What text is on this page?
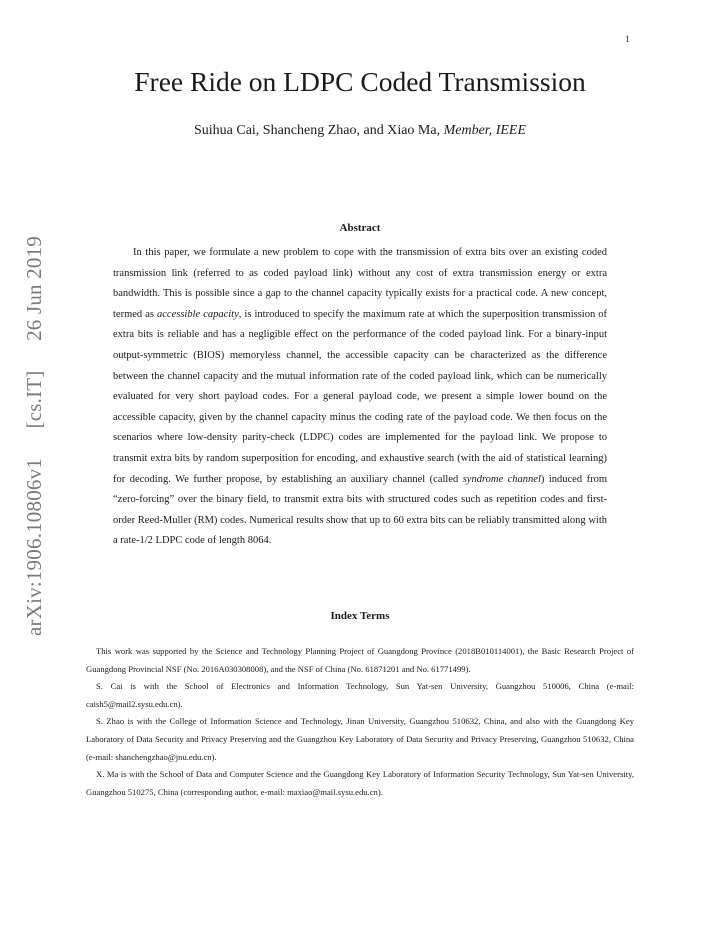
1
arXiv:1906.10806v1
[cs.IT]
26 Jun 2019
Free Ride on LDPC Coded Transmission
Suihua Cai, Shancheng Zhao, and Xiao Ma, Member, IEEE
Abstract

In this paper, we formulate a new problem to cope with the transmission of extra bits over an existing coded transmission link (referred to as coded payload link) without any cost of extra transmission energy or extra bandwidth. This is possible since a gap to the channel capacity typically exists for a practical code. A new concept, termed as accessible capacity, is introduced to specify the maximum rate at which the superposition transmission of extra bits is reliable and has a negligible effect on the performance of the coded payload link. For a binary-input output-symmetric (BIOS) memoryless channel, the accessible capacity can be characterized as the difference between the channel capacity and the mutual information rate of the coded payload link, which can be numerically evaluated for very short payload codes. For a general payload code, we present a simple lower bound on the accessible capacity, given by the channel capacity minus the coding rate of the payload code. We then focus on the scenarios where low-density parity-check (LDPC) codes are implemented for the payload link. We propose to transmit extra bits by random superposition for encoding, and exhaustive search (with the aid of statistical learning) for decoding. We further propose, by establishing an auxiliary channel (called syndrome channel) induced from “zero-forcing” over the binary field, to transmit extra bits with structured codes such as repetition codes and first-order Reed-Muller (RM) codes. Numerical results show that up to 60 extra bits can be reliably transmitted along with a rate-1/2 LDPC code of length 8064.

Index Terms

This work was supported by the Science and Technology Planning Project of Guangdong Province (2018B010114001), the Basic Research Project of Guangdong Provincial NSF (No. 2016A030308008), and the NSF of China (No. 61871201 and No. 61771499).

S. Cai is with the School of Electronics and Information Technology, Sun Yat-sen University, Guangzhou 510006, China (e-mail: caish5@mail2.sysu.edu.cn).

S. Zhao is with the College of Information Science and Technology, Jinan University, Guangzhou 510632, China, and also with the Guangdong Key Laboratory of Data Security and Privacy Preserving and the Guangzhou Key Laboratory of Data Security and Privacy Preserving, Guangzhou 510632, China (e-mail: shanchengzhao@jnu.edu.cn).

X. Ma is with the School of Data and Computer Science and the Guangdong Key Laboratory of Information Security Technology, Sun Yat-sen University, Guangzhou 510275, China (corresponding author, e-mail: maxiao@mail.sysu.edu.cn).
